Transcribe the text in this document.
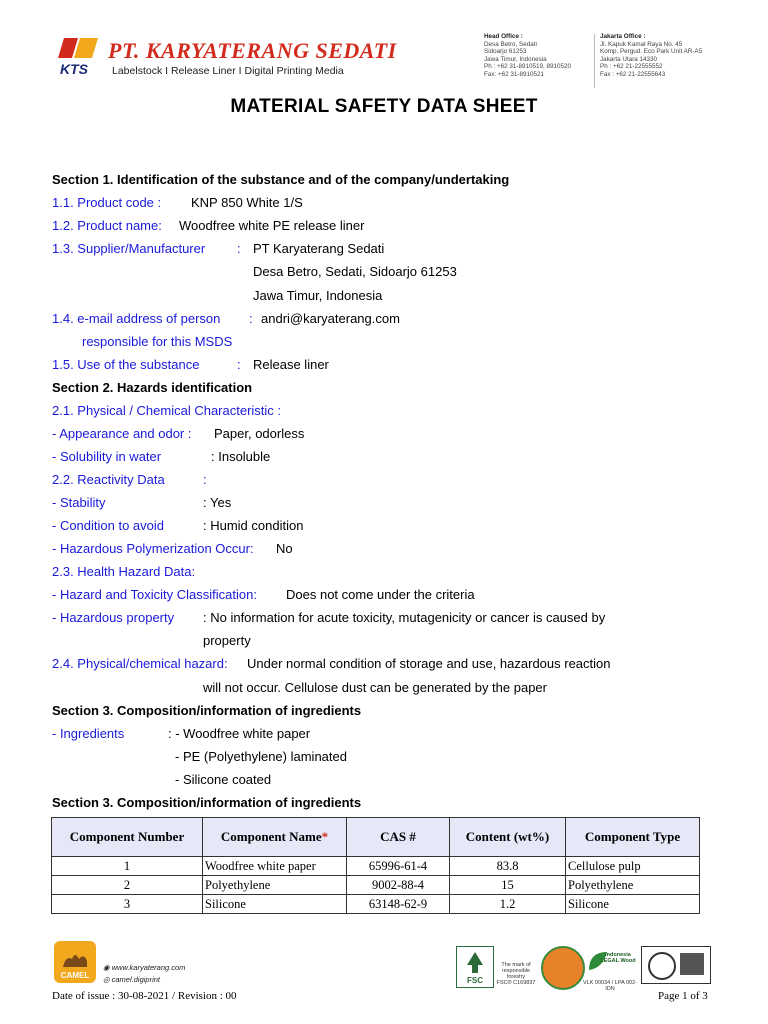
KTS
PT. KARYATERANG SEDATI
Labelstock I Release Liner I Digital Printing Media
Head Office :
Desa Betro, Sedati
Sidoarjo 61253
Jawa Timur, Indonesia
Ph : +62 31-8910519, 8910520
Fax: +62 31-8910521
Jakarta Office :
Jl. Kapuk Kamal Raya No. 45
Komp. Pergud. Eco Park Unit AR-A5
Jakarta Utara 14330
Ph : +62 21-22555552
Fax : +62 21-22555643
MATERIAL SAFETY DATA SHEET
Section 1. Identification of the substance and of the company/undertaking
1.1. Product code : KNP 850 White 1/S
1.2. Product name: Woodfree white PE release liner
1.3. Supplier/Manufacturer : PT Karyaterang Sedati
Desa Betro, Sedati, Sidoarjo 61253
Jawa Timur, Indonesia
1.4. e-mail address of person : andri@karyaterang.com
responsible for this MSDS
1.5. Use of the substance	: Release liner
Section 2. Hazards identification
2.1. Physical / Chemical Characteristic :
- Appearance and odor : Paper, odorless
- Solubility in water	: Insoluble
2.2. Reactivity Data	:
- Stability	: Yes
- Condition to avoid	: Humid condition
- Hazardous Polymerization Occur: No
2.3. Health Hazard Data:
- Hazard and Toxicity Classification: Does not come under the criteria
- Hazardous property : No information for acute toxicity, mutagenicity or cancer is caused by
property
2.4. Physical/chemical hazard: Under normal condition of storage and use, hazardous reaction
will not occur. Cellulose dust can be generated by the paper
Section 3. Composition/information of ingredients
- Ingredients	: - Woodfree white paper
- PE (Polyethylene) laminated
- Silicone coated
Section 3. Composition/information of ingredients
Component Number	Component Name*	CAS #	Content (wt%)	Component Type
1	Woodfree white paper	65996-61-4	83.8	Cellulose pulp
2	Polyethylene	9002-88-4	15	Polyethylene
3	Silicone	63148-62-9	1.2	Silicone
CAMEL
◉ www.karyaterang.com
◎ camel.digiprint	FSC
The mark of responsible forestry
FSC® C169837
Indonesia LEGAL Wood
VLK 00034 / LPA 002-IDN
Date of issue : 30-08-2021 / Revision : 00	Page 1 of 3
